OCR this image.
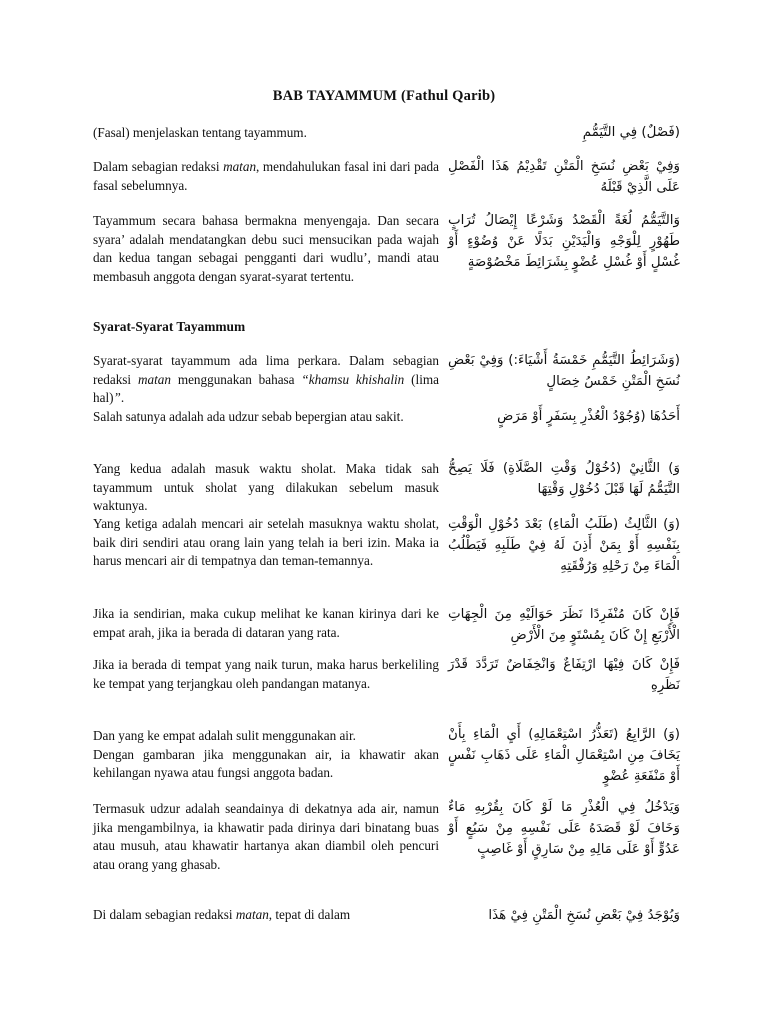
BAB TAYAMMUM (Fathul Qarib)

(فَصْلٌ) فِي التَّيَمُّمِ

(Fasal) menjelaskan tentang tayammum.

وَفِيْ بَعْضِ نُسَخِ الْمَتْنِ تَقْدِيْمُ هَذَا الْفَصْلِ عَلَى الَّذِيْ قَبْلَهُ

Dalam sebagian redaksi matan, mendahulukan fasal ini dari pada fasal sebelumnya.

وَالتَّيَمُّمُ لُغَةً الْقَصْدُ وَشَرْعًا إِيْصَالُ تُرَابٍ طَهُوْرٍ لِلْوَجْهِ وَالْيَدَيْنِ بَدَلًا عَنْ وُضُوْءٍ أَوْ غُسْلٍ أَوْ غُسْلِ عُضْوٍ بِشَرَائِطَ مَخْصُوْصَةٍ

Tayammum secara bahasa bermakna menyengaja. Dan secara syara’ adalah mendatangkan debu suci mensucikan pada wajah dan kedua tangan sebagai pengganti dari wudlu’, mandi atau membasuh anggota dengan syarat-syarat tertentu.

Syarat-Syarat Tayammum

(وَشَرَائِطُ التَّيَمُّمِ خَمْسَةُ أَشْيَاءَ:) وَفِيْ بَعْضِ نُسَخِ الْمَتْنِ خَمْسُ خِصَالٍ

Syarat-syarat tayammum ada lima perkara. Dalam sebagian redaksi matan menggunakan bahasa “khamsu khishalin (lima hal)”.

أَحَدُهَا (وُجُوْدُ الْعُذْرِ بِسَفَرٍ أَوْ مَرَضٍ

Salah satunya adalah ada udzur sebab bepergian atau sakit.

وَ) الثَّانِيْ (دُخُوْلُ وَقْتِ الصَّلَاةِ) فَلَا يَصِحُّ التَّيَمُّمُ لَهَا قَبْلَ دُخُوْلِ وَقْتِهَا

Yang kedua adalah masuk waktu sholat. Maka tidak sah tayammum untuk sholat yang dilakukan sebelum masuk waktunya.

(وَ) الثَّالِثُ (طَلَبُ الْمَاءِ) بَعْدَ دُخُوْلِ الْوَقْتِ بِنَفْسِهِ أَوْ بِمَنْ أَذِنَ لَهُ فِيْ طَلَبِهِ فَيَطْلُبُ الْمَاءَ مِنْ رَحْلِهِ وَرُفْقَتِهِ

Yang ketiga adalah mencari air setelah masuknya waktu sholat, baik diri sendiri atau orang lain yang telah ia beri izin. Maka ia harus mencari air di tempatnya dan teman-temannya.

فَإِنْ كَانَ مُنْفَرِدًا نَظَرَ حَوَالَيْهِ مِنَ الْجِهَاتِ الْأَرْبَعِ إِنْ كَانَ بِمُسْتَوٍ مِنَ الْأَرْضِ

Jika ia sendirian, maka cukup melihat ke kanan kirinya dari ke empat arah, jika ia berada di dataran yang rata.

فَإِنْ كَانَ فِيْهَا ارْتِفَاعٌ وَانْخِفَاضٌ تَرَدَّدَ قَدْرَ نَظَرِهِ

Jika ia berada di tempat yang naik turun, maka harus berkeliling ke tempat yang terjangkau oleh pandangan matanya.

(وَ) الرَّابِعُ (تَعَذُّرُ اسْتِعْمَالِهِ) أَيِ الْمَاءِ بِأَنْ يَخَافَ مِنِ اسْتِعْمَالِ الْمَاءِ عَلَى ذَهَابِ نَفْسٍ أَوْ مَنْفَعَةِ عُضْوٍ

Dan yang ke empat adalah sulit menggunakan air.

Dengan gambaran jika menggunakan air, ia khawatir akan kehilangan nyawa atau fungsi anggota badan.

وَيَدْخُلُ فِي الْعُذْرِ مَا لَوْ كَانَ بِقُرْبِهِ مَاءٌ وَخَافَ لَوْ قَصَدَهُ عَلَى نَفْسِهِ مِنْ سَبُعٍ أَوْ عَدُوٍّ أَوْ عَلَى مَالِهِ مِنْ سَارِقٍ أَوْ غَاصِبٍ

Termasuk udzur adalah seandainya di dekatnya ada air, namun jika mengambilnya, ia khawatir pada dirinya dari binatang buas atau musuh, atau khawatir hartanya akan diambil oleh pencuri atau orang yang ghasab.

وَيُوْجَدُ فِيْ بَعْضِ نُسَخِ الْمَتْنِ فِيْ هَذَا

Di dalam sebagian redaksi matan, tepat di dalam
